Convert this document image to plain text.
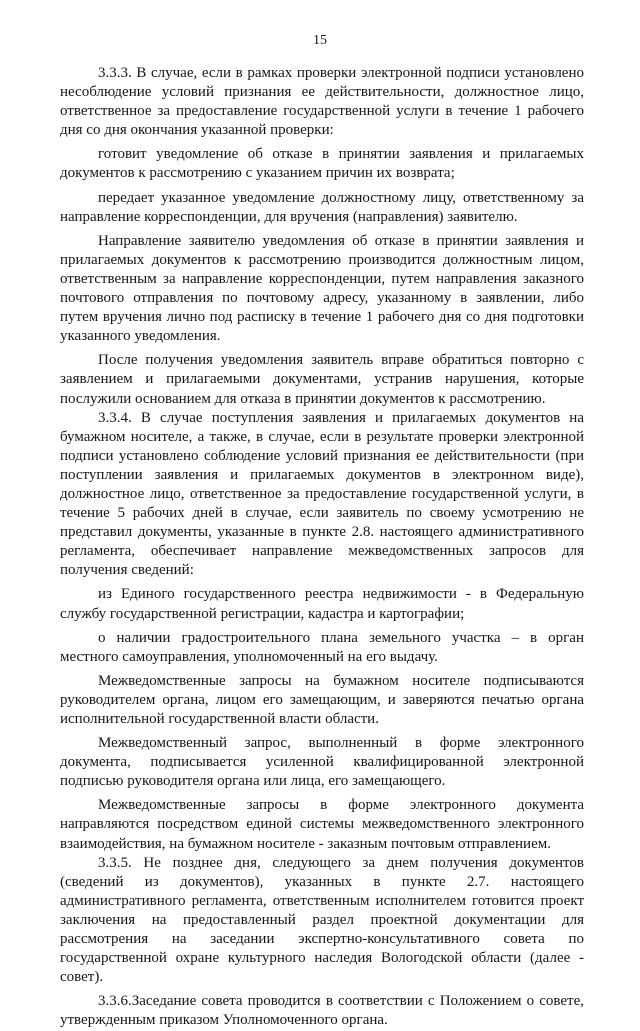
15

3.3.3. В случае, если в рамках проверки электронной подписи установлено несоблюдение условий признания ее действительности, должностное лицо, ответственное за предоставление государственной услуги в течение 1 рабочего дня со дня окончания указанной проверки:

готовит уведомление об отказе в принятии заявления и прилагаемых документов к рассмотрению с указанием причин их возврата;

передает указанное уведомление должностному лицу, ответственному за направление корреспонденции, для вручения (направления) заявителю.

Направление заявителю уведомления об отказе в принятии заявления и прилагаемых документов к рассмотрению производится должностным лицом, ответственным за направление корреспонденции, путем направления заказного почтового отправления по почтовому адресу, указанному в заявлении, либо путем вручения лично под расписку в течение 1 рабочего дня со дня подготовки указанного уведомления.

После получения уведомления заявитель вправе обратиться повторно с заявлением и прилагаемыми документами, устранив нарушения, которые послужили основанием для отказа в принятии документов к рассмотрению.

3.3.4. В случае поступления заявления и прилагаемых документов на бумажном носителе, а также, в случае, если в результате проверки электронной подписи установлено соблюдение условий признания ее действительности (при поступлении заявления и прилагаемых документов в электронном виде), должностное лицо, ответственное за предоставление государственной услуги, в течение 5 рабочих дней в случае, если заявитель по своему усмотрению не представил документы, указанные в пункте 2.8. настоящего административного регламента, обеспечивает направление межведомственных запросов для получения сведений:

из Единого государственного реестра недвижимости - в Федеральную службу государственной регистрации, кадастра и картографии;

о наличии градостроительного плана земельного участка – в орган местного самоуправления, уполномоченный на его выдачу.

Межведомственные запросы на бумажном носителе подписываются руководителем органа, лицом его замещающим, и заверяются печатью органа исполнительной государственной власти области.

Межведомственный запрос, выполненный в форме электронного документа, подписывается усиленной квалифицированной электронной подписью руководителя органа или лица, его замещающего.

Межведомственные запросы в форме электронного документа направляются посредством единой системы межведомственного электронного взаимодействия, на бумажном носителе - заказным почтовым отправлением.

3.3.5. Не позднее дня, следующего за днем получения документов (сведений из документов), указанных в пункте 2.7. настоящего административного регламента, ответственным исполнителем готовится проект заключения на предоставленный раздел проектной документации для рассмотрения на заседании экспертно-консультативного совета по государственной охране культурного наследия Вологодской области (далее - совет).

3.3.6.Заседание совета проводится в соответствии с Положением о совете, утвержденным приказом Уполномоченного органа.
